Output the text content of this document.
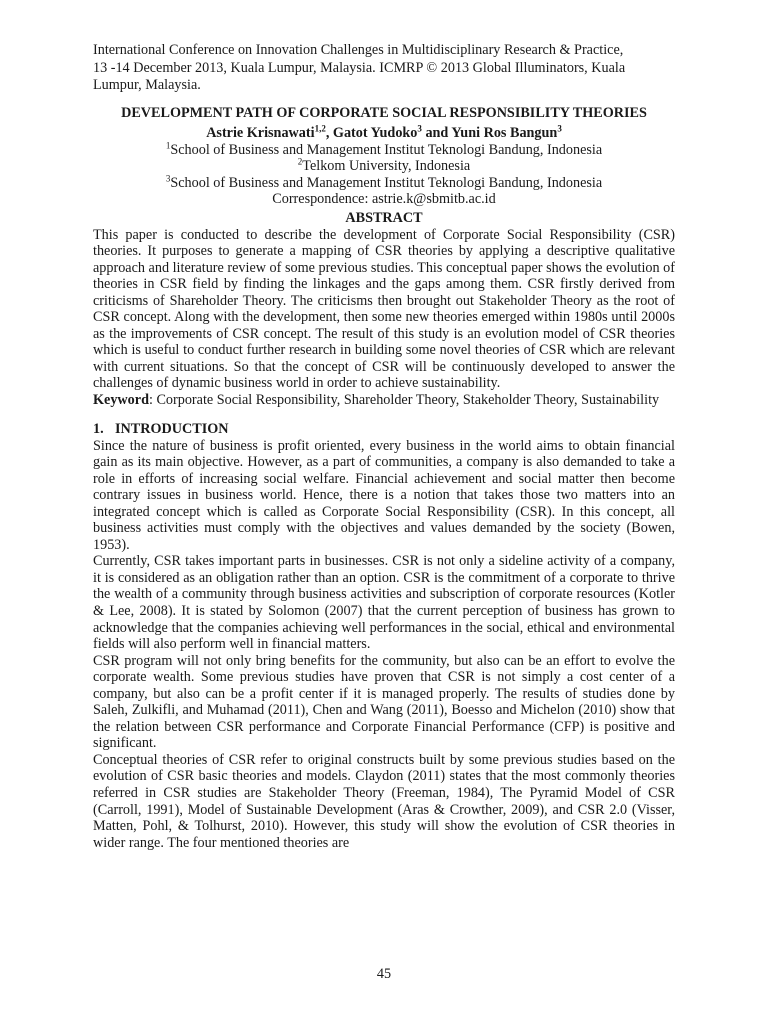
International Conference on Innovation Challenges in Multidisciplinary Research & Practice,
13 -14 December 2013, Kuala Lumpur, Malaysia. ICMRP © 2013 Global Illuminators, Kuala
Lumpur, Malaysia.
DEVELOPMENT PATH OF CORPORATE SOCIAL RESPONSIBILITY THEORIES
Astrie Krisnawati$^{1,2}$, Gatot Yudoko$^3$ and Yuni Ros Bangun$^3$
$^1$School of Business and Management Institut Teknologi Bandung, Indonesia
$^2$Telkom University, Indonesia
$^3$School of Business and Management Institut Teknologi Bandung, Indonesia
Correspondence: astrie.k@sbmitb.ac.id
ABSTRACT

This paper is conducted to describe the development of Corporate Social Responsibility (CSR) theories. It purposes to generate a mapping of CSR theories by applying a descriptive qualitative approach and literature review of some previous studies. This conceptual paper shows the evolution of theories in CSR field by finding the linkages and the gaps among them. CSR firstly derived from criticisms of Shareholder Theory. The criticisms then brought out Stakeholder Theory as the root of CSR concept. Along with the development, then some new theories emerged within 1980s until 2000s as the improvements of CSR concept. The result of this study is an evolution model of CSR theories which is useful to conduct further research in building some novel theories of CSR which are relevant with current situations. So that the concept of CSR will be continuously developed to answer the challenges of dynamic business world in order to achieve sustainability.

Keyword: Corporate Social Responsibility, Shareholder Theory, Stakeholder Theory, Sustainability

1. INTRODUCTION

Since the nature of business is profit oriented, every business in the world aims to obtain financial gain as its main objective. However, as a part of communities, a company is also demanded to take a role in efforts of increasing social welfare. Financial achievement and social matter then become contrary issues in business world. Hence, there is a notion that takes those two matters into an integrated concept which is called as Corporate Social Responsibility (CSR). In this concept, all business activities must comply with the objectives and values demanded by the society (Bowen, 1953).

Currently, CSR takes important parts in businesses. CSR is not only a sideline activity of a company, it is considered as an obligation rather than an option. CSR is the commitment of a corporate to thrive the wealth of a community through business activities and subscription of corporate resources (Kotler & Lee, 2008). It is stated by Solomon (2007) that the current perception of business has grown to acknowledge that the companies achieving well performances in the social, ethical and environmental fields will also perform well in financial matters.

CSR program will not only bring benefits for the community, but also can be an effort to evolve the corporate wealth. Some previous studies have proven that CSR is not simply a cost center of a company, but also can be a profit center if it is managed properly. The results of studies done by Saleh, Zulkifli, and Muhamad (2011), Chen and Wang (2011), Boesso and Michelon (2010) show that the relation between CSR performance and Corporate Financial Performance (CFP) is positive and significant.

Conceptual theories of CSR refer to original constructs built by some previous studies based on the evolution of CSR basic theories and models. Claydon (2011) states that the most commonly theories referred in CSR studies are Stakeholder Theory (Freeman, 1984), The Pyramid Model of CSR (Carroll, 1991), Model of Sustainable Development (Aras & Crowther, 2009), and CSR 2.0 (Visser, Matten, Pohl, & Tolhurst, 2010). However, this study will show the evolution of CSR theories in wider range. The four mentioned theories are

45
